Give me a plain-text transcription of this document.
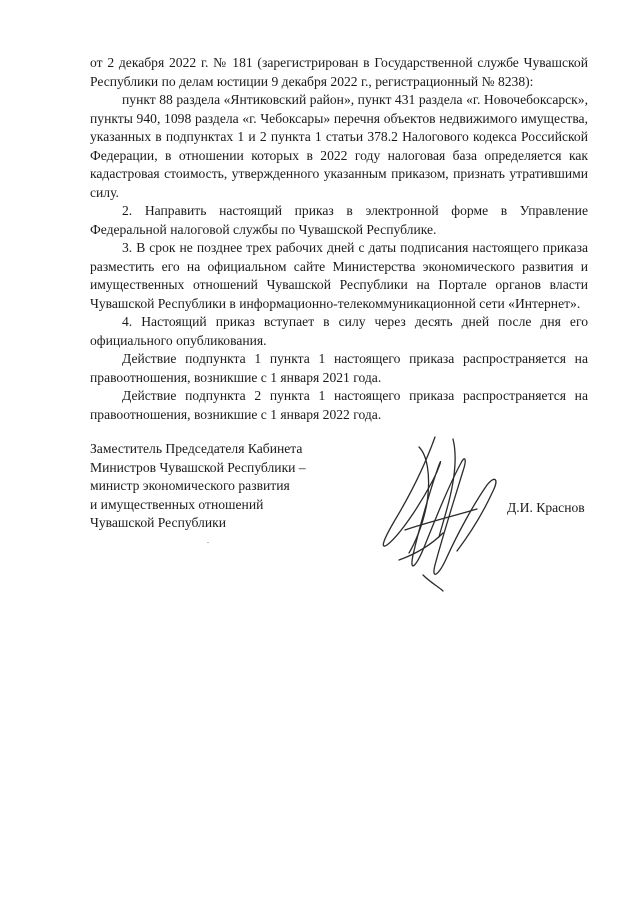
от 2 декабря 2022 г. № 181 (зарегистрирован в Государственной службе Чувашской Республики по делам юстиции 9 декабря 2022 г., регистрационный № 8238):

пункт 88 раздела «Янтиковский район», пункт 431 раздела «г. Новочебоксарск», пункты 940, 1098 раздела «г. Чебоксары» перечня объектов недвижимого имущества, указанных в подпунктах 1 и 2 пункта 1 статьи 378.2 Налогового кодекса Российской Федерации, в отношении которых в 2022 году налоговая база определяется как кадастровая стоимость, утвержденного указанным приказом, признать утратившими силу.

2. Направить настоящий приказ в электронной форме в Управление Федеральной налоговой службы по Чувашской Республике.

3. В срок не позднее трех рабочих дней с даты подписания настоящего приказа разместить его на официальном сайте Министерства экономического развития и имущественных отношений Чувашской Республики на Портале органов власти Чувашской Республики в информационно-телекоммуникационной сети «Интернет».

4. Настоящий приказ вступает в силу через десять дней после дня его официального опубликования.

Действие подпункта 1 пункта 1 настоящего приказа распространяется на правоотношения, возникшие с 1 января 2021 года.

Действие подпункта 2 пункта 1 настоящего приказа распространяется на правоотношения, возникшие с 1 января 2022 года.

Заместитель Председателя Кабинета
Министров Чувашской Республики –
министр экономического развития
и имущественных отношений
Чувашской Республики
Д.И. Краснов
